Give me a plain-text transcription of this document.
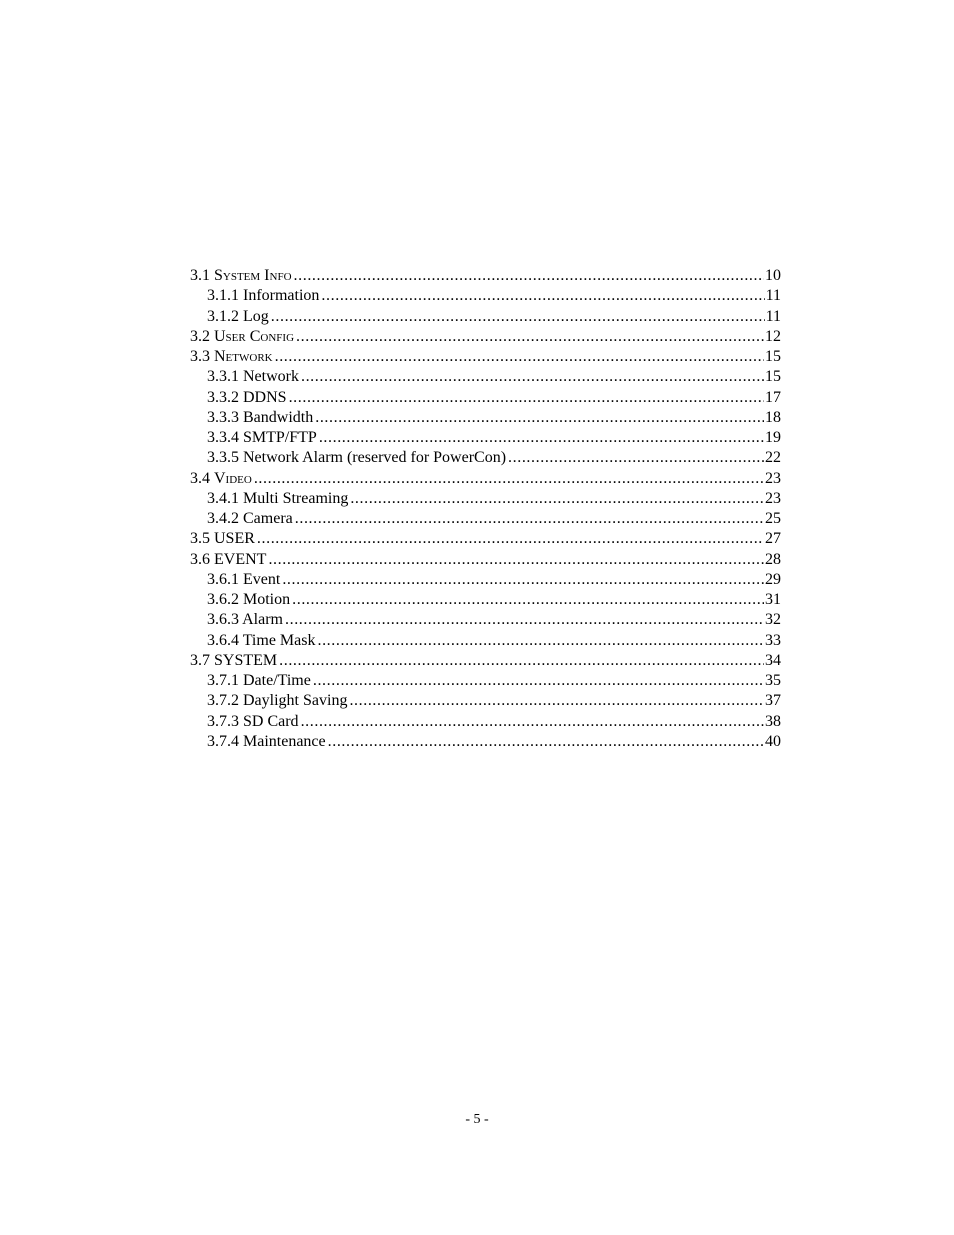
3.1 System Info .....	10
3.1.1 Information .....	11
3.1.2 Log .....	11
3.2 User Config .....	12
3.3 Network .....	15
3.3.1 Network .....	15
3.3.2 DDNS .....	17
3.3.3 Bandwidth .....	18
3.3.4 SMTP/FTP .....	19
3.3.5 Network Alarm (reserved for PowerCon) .....	22
3.4 Video .....	23
3.4.1 Multi Streaming .....	23
3.4.2 Camera .....	25
3.5 USER .....	27
3.6 EVENT .....	28
3.6.1 Event .....	29
3.6.2 Motion .....	31
3.6.3 Alarm .....	32
3.6.4 Time Mask .....	33
3.7 SYSTEM .....	34
3.7.1 Date/Time .....	35
3.7.2 Daylight Saving .....	37
3.7.3 SD Card .....	38
3.7.4 Maintenance .....	40
- 5 -
